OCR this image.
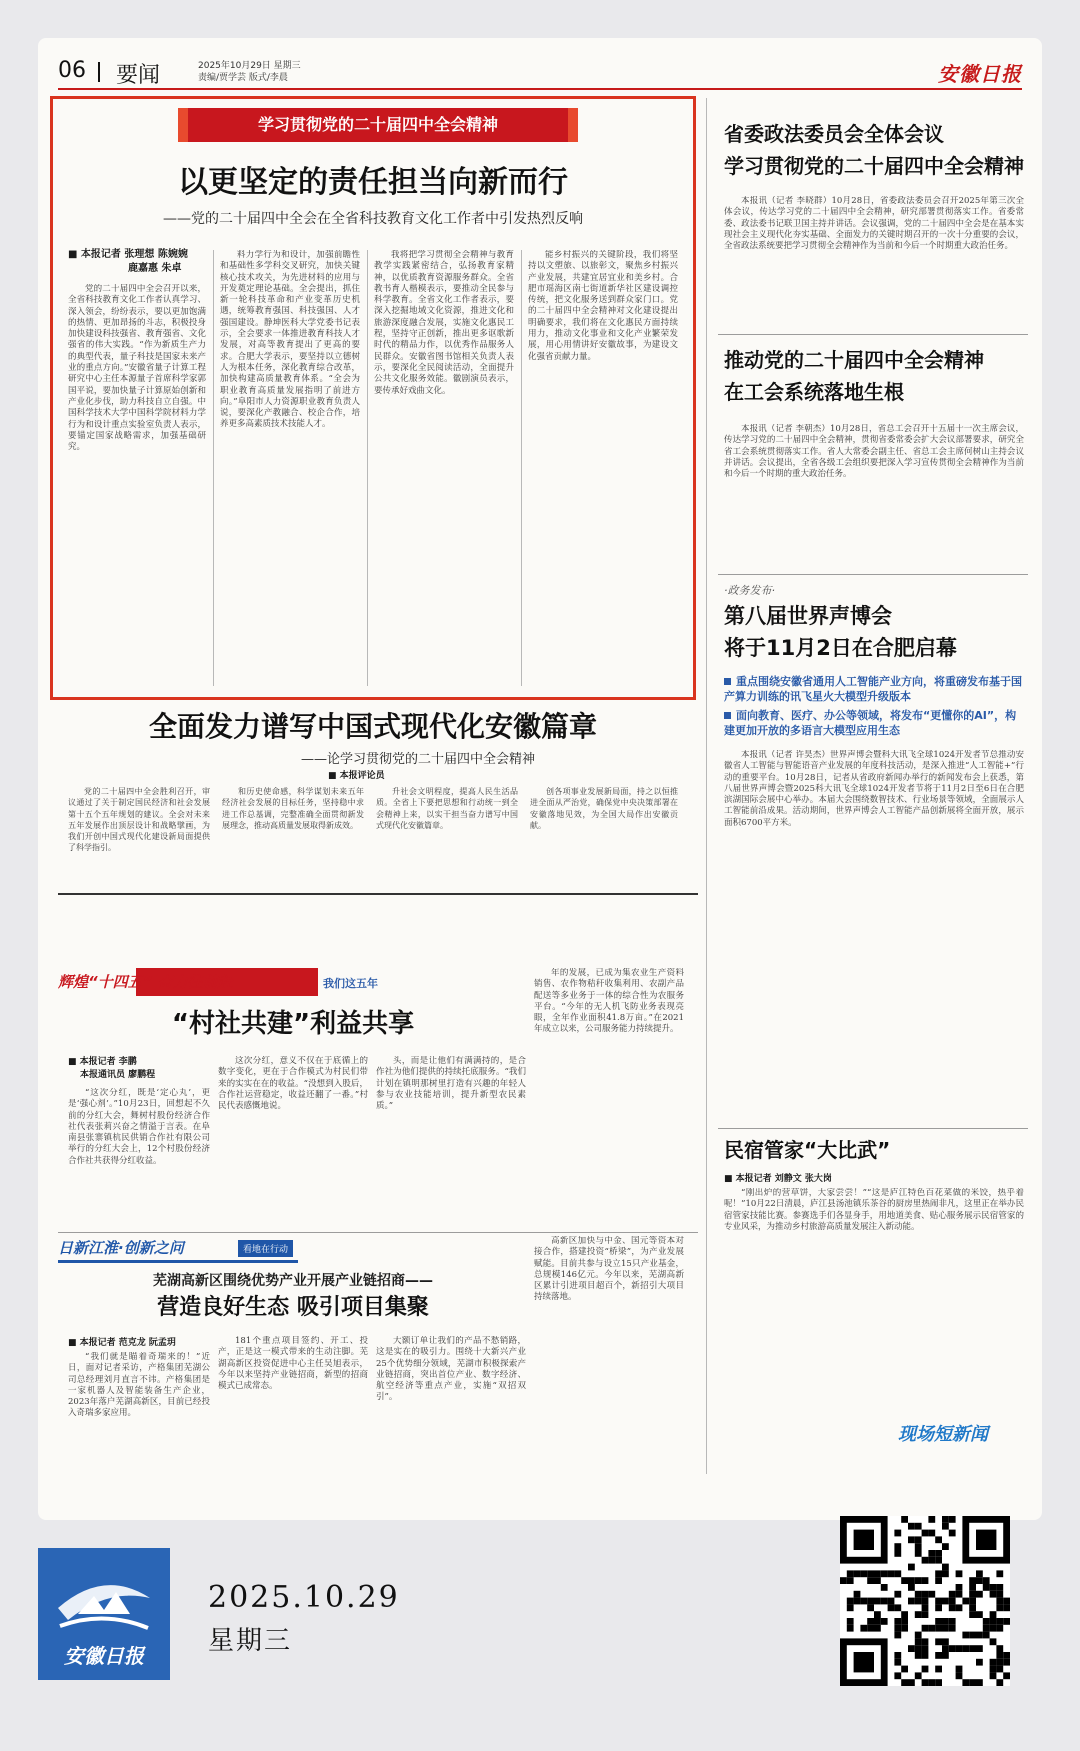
06 要闻	2025年10月29日 星期三
责编/贾学芸 版式/李晨	安徽日报
学习贯彻党的二十届四中全会精神
以更坚定的责任担当向新而行
——党的二十届四中全会在全省科技教育文化工作者中引发热烈反响
■ 本报记者 张理想 陈婉婉
鹿嘉惠 朱卓

党的二十届四中全会召开以来，全省科技教育文化工作者认真学习、深入领会，纷纷表示，要以更加饱满的热情、更加昂扬的斗志，积极投身加快建设科技强省、教育强省、文化强省的伟大实践。“作为新质生产力的典型代表，量子科技是国家未来产业的重点方向。”安徽省量子计算工程研究中心主任本源量子首席科学家郭国平说，要加快量子计算原始创新和产业化步伐，助力科技自立自强。中国科学技术大学中国科学院材料力学行为和设计重点实验室负责人表示，要锚定国家战略需求，加强基础研究。

料力学行为和设计，加强前瞻性和基础性多学科交叉研究，加快关键核心技术攻关，为先进材料的应用与开发奠定理论基础。全会提出，抓住新一轮科技革命和产业变革历史机遇，统筹教育强国、科技强国、人才强国建设。静坤医科大学党委书记表示，全会要求一体推进教育科技人才发展，对高等教育提出了更高的要求。合肥大学表示，要坚持以立德树人为根本任务，深化教育综合改革，加快构建高质量教育体系。“全会为职业教育高质量发展指明了前进方向。”阜阳市人力资源职业教育负责人说，要深化产教融合、校企合作，培养更多高素质技术技能人才。

我将把学习贯彻全会精神与教育教学实践紧密结合，弘扬教育家精神，以优质教育资源服务群众。全省教书育人楷模表示，要推动全民参与科学教育。全省文化工作者表示，要深入挖掘地域文化资源，推进文化和旅游深度融合发展，实施文化惠民工程，坚持守正创新，推出更多讴歌新时代的精品力作，以优秀作品服务人民群众。安徽省图书馆相关负责人表示，要深化全民阅读活动，全面提升公共文化服务效能。徽剧演员表示，要传承好戏曲文化。

能乡村振兴的关键阶段，我们将坚持以文塑旅、以旅彰文，聚焦乡村振兴产业发展，共建宜居宜业和美乡村。合肥市瑶海区南七街道新华社区建设调控传统，把文化服务送到群众家门口。党的二十届四中全会精神对文化建设提出明确要求，我们将在文化惠民方面持续用力，推动文化事业和文化产业繁荣发展，用心用情讲好安徽故事，为建设文化强省贡献力量。

全面发力谱写中国式现代化安徽篇章
——论学习贯彻党的二十届四中全会精神
■ 本报评论员

党的二十届四中全会胜利召开，审议通过了关于制定国民经济和社会发展第十五个五年规划的建议。全会对未来五年发展作出顶层设计和战略擘画，为我们开创中国式现代化建设新局面提供了科学指引。

和历史使命感，科学谋划未来五年经济社会发展的目标任务，坚持稳中求进工作总基调，完整准确全面贯彻新发展理念，推动高质量发展取得新成效。

升社会文明程度，提高人民生活品质。全省上下要把思想和行动统一到全会精神上来，以实干担当奋力谱写中国式现代化安徽篇章。

创各项事业发展新局面，持之以恒推进全面从严治党，确保党中央决策部署在安徽落地见效，为全国大局作出安徽贡献。

辉煌“十四五” 奋力往前赶	我们这五年
“村社共建”利益共享
■ 本报记者 李鹏
本报通讯员 廖鹏程

“这次分红，既是‘定心丸’，更是‘强心剂’。”10月23日，回想起不久前的分红大会，舞树村股份经济合作社代表张莉兴奋之情溢于言表。在阜南县张寨镇杭民供销合作社有限公司举行的分红大会上，12个村股份经济合作社共获得分红收益。

这次分红，意义不仅在于底循上的数字变化，更在于合作模式为村民们带来的实实在在的收益。“没想到入股后，合作社运营稳定，收益还翻了一番。”村民代表感慨地说。

头，而是让他们有满满持的，是合作社为他们提供的持续托底服务。“我们计划在镇明那树里打造有兴趣的年轻人参与农业技能培训，提升新型农民素质。”

年的发展，已成为集农业生产资料销售、农作物秸秆收集利用、农副产品配送等多业务于一体的综合性为农服务平台。“今年的无人机飞防业务表现亮眼，全年作业面积41.8万亩。”在2021年成立以来，公司服务能力持续提升。

日新江淮·创新之问	看地在行动
芜湖高新区围绕优势产业开展产业链招商——
营造良好生态 吸引项目集聚
■ 本报记者 范克龙 阮孟玥

“我们就是瞄着奇瑞来的！”近日，面对记者采访，产格集团芜湖公司总经理刘月直言不讳。产格集团是一家机器人及智能装备生产企业，2023年落户芜湖高新区，目前已经投入奇瑞多家应用。

181个重点项目签约、开工、投产，正是这一模式带来的生动注脚。芜湖高新区投资促进中心主任吴旭表示，今年以来坚持产业链招商，新型的招商模式已成常态。

大额订单让我们的产品不愁销路，这是实在的吸引力。围绕十大新兴产业25个优势细分领域，芜湖市积极探索产业链招商，突出首位产业、数字经济、航空经济等重点产业，实施“双招双引”。

高新区加快与中金、国元等资本对接合作，搭建投资“桥梁”，为产业发展赋能。目前共参与设立15只产业基金，总规模146亿元。今年以来，芜湖高新区累计引进项目超百个，新招引大项目持续落地。

省委政法委员会全体会议
学习贯彻党的二十届四中全会精神

本报讯（记者 李晓群）10月28日，省委政法委员会召开2025年第三次全体会议，传达学习党的二十届四中全会精神，研究部署贯彻落实工作。省委常委、政法委书记联卫国主持并讲话。会议强调，党的二十届四中全会是在基本实现社会主义现代化夯实基础、全面发力的关键时期召开的一次十分重要的会议，全省政法系统要把学习贯彻全会精神作为当前和今后一个时期重大政治任务。

推动党的二十届四中全会精神
在工会系统落地生根

本报讯（记者 李朝杰）10月28日，省总工会召开十五届十一次主席会议，传达学习党的二十届四中全会精神，贯彻省委常委会扩大会议部署要求，研究全省工会系统贯彻落实工作。省人大常委会副主任、省总工会主席何树山主持会议并讲话。会议提出，全省各级工会组织要把深入学习宣传贯彻全会精神作为当前和今后一个时期的重大政治任务。

·政务发布·
第八届世界声博会
将于11月2日在合肥启幕
重点围绕安徽省通用人工智能产业方向，将重磅发布基于国产算力训练的讯飞星火大模型升级版本
面向教育、医疗、办公等领域，将发布“更懂你的AI”，构建更加开放的多语言大模型应用生态

本报讯（记者 许昊杰）世界声博会暨科大讯飞全球1024开发者节总推动安徽省人工智能与智能语音产业发展的年度科技活动，是深入推进“人工智能+”行动的重要平台。10月28日，记者从省政府新闻办举行的新闻发布会上获悉，第八届世界声博会暨2025科大讯飞全球1024开发者节将于11月2日至6日在合肥滨湖国际会展中心举办。本届大会围绕数智技术、行业场景等领域，全面展示人工智能前沿成果。活动期间，世界声博会人工智能产品创新展将全面开放，展示面积6700平方米。

民宿管家“大比武”
■ 本报记者 刘静文 张大岗

“刚出炉的营草饼，大家尝尝！”“这是庐江特色百花菜做的米饺，热乎着呢！”10月22日清晨，庐江县汤池镇乐茶谷的厨房里热闹非凡，这里正在举办民宿管家技能比赛。参赛选手们各显身手，用地道美食、贴心服务展示民宿管家的专业风采，为推动乡村旅游高质量发展注入新动能。

现场短新闻
安徽日报
2025.10.29
星期三
